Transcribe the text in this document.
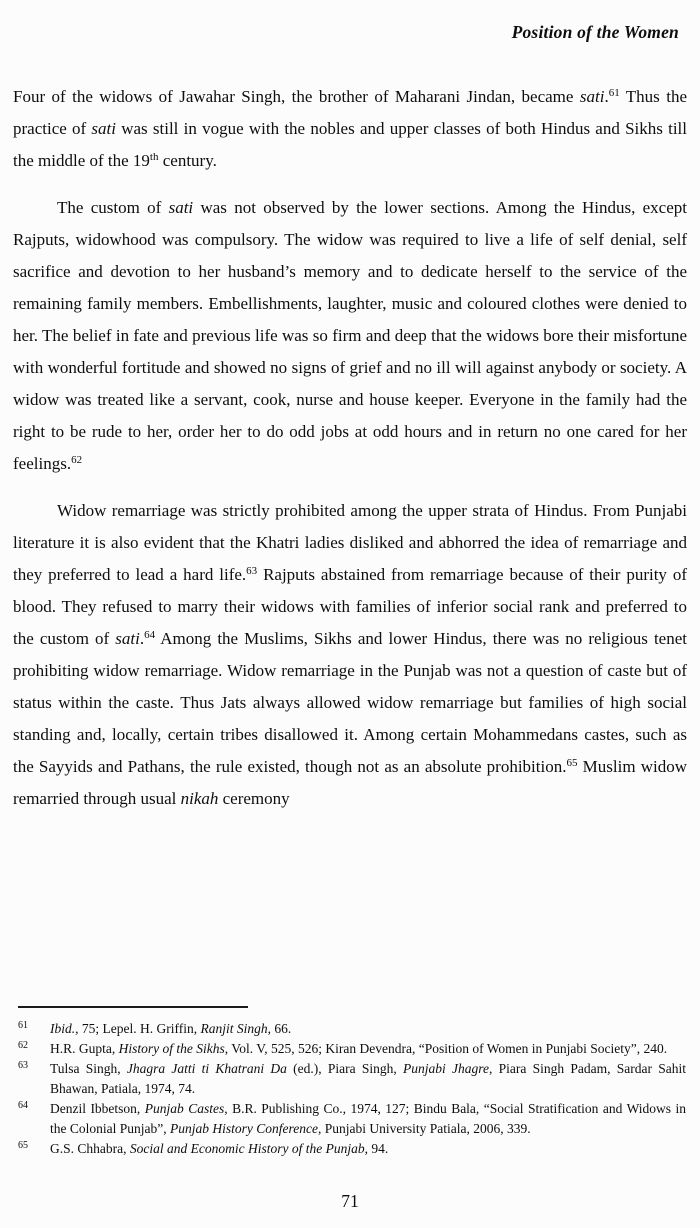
Position of the Women
Four of the widows of Jawahar Singh, the brother of Maharani Jindan, became sati.$^{61}$ Thus the practice of sati was still in vogue with the nobles and upper classes of both Hindus and Sikhs till the middle of the 19th century.
The custom of sati was not observed by the lower sections. Among the Hindus, except Rajputs, widowhood was compulsory. The widow was required to live a life of self denial, self sacrifice and devotion to her husband’s memory and to dedicate herself to the service of the remaining family members. Embellishments, laughter, music and coloured clothes were denied to her. The belief in fate and previous life was so firm and deep that the widows bore their misfortune with wonderful fortitude and showed no signs of grief and no ill will against anybody or society. A widow was treated like a servant, cook, nurse and house keeper. Everyone in the family had the right to be rude to her, order her to do odd jobs at odd hours and in return no one cared for her feelings.$^{62}$
Widow remarriage was strictly prohibited among the upper strata of Hindus. From Punjabi literature it is also evident that the Khatri ladies disliked and abhorred the idea of remarriage and they preferred to lead a hard life.$^{63}$ Rajputs abstained from remarriage because of their purity of blood. They refused to marry their widows with families of inferior social rank and preferred to the custom of sati.$^{64}$ Among the Muslims, Sikhs and lower Hindus, there was no religious tenet prohibiting widow remarriage. Widow remarriage in the Punjab was not a question of caste but of status within the caste. Thus Jats always allowed widow remarriage but families of high social standing and, locally, certain tribes disallowed it. Among certain Mohammedans castes, such as the Sayyids and Pathans, the rule existed, though not as an absolute prohibition.$^{65}$ Muslim widow remarried through usual nikah ceremony
61	Ibid., 75; Lepel. H. Griffin, Ranjit Singh, 66.
62	H.R. Gupta, History of the Sikhs, Vol. V, 525, 526; Kiran Devendra, “Position of Women in Punjabi Society”, 240.
63	Tulsa Singh, Jhagra Jatti ti Khatrani Da (ed.), Piara Singh, Punjabi Jhagre, Piara Singh Padam, Sardar Sahit Bhawan, Patiala, 1974, 74.
64	Denzil Ibbetson, Punjab Castes, B.R. Publishing Co., 1974, 127; Bindu Bala, “Social Stratification and Widows in the Colonial Punjab”, Punjab History Conference, Punjabi University Patiala, 2006, 339.
65	G.S. Chhabra, Social and Economic History of the Punjab, 94.
71
